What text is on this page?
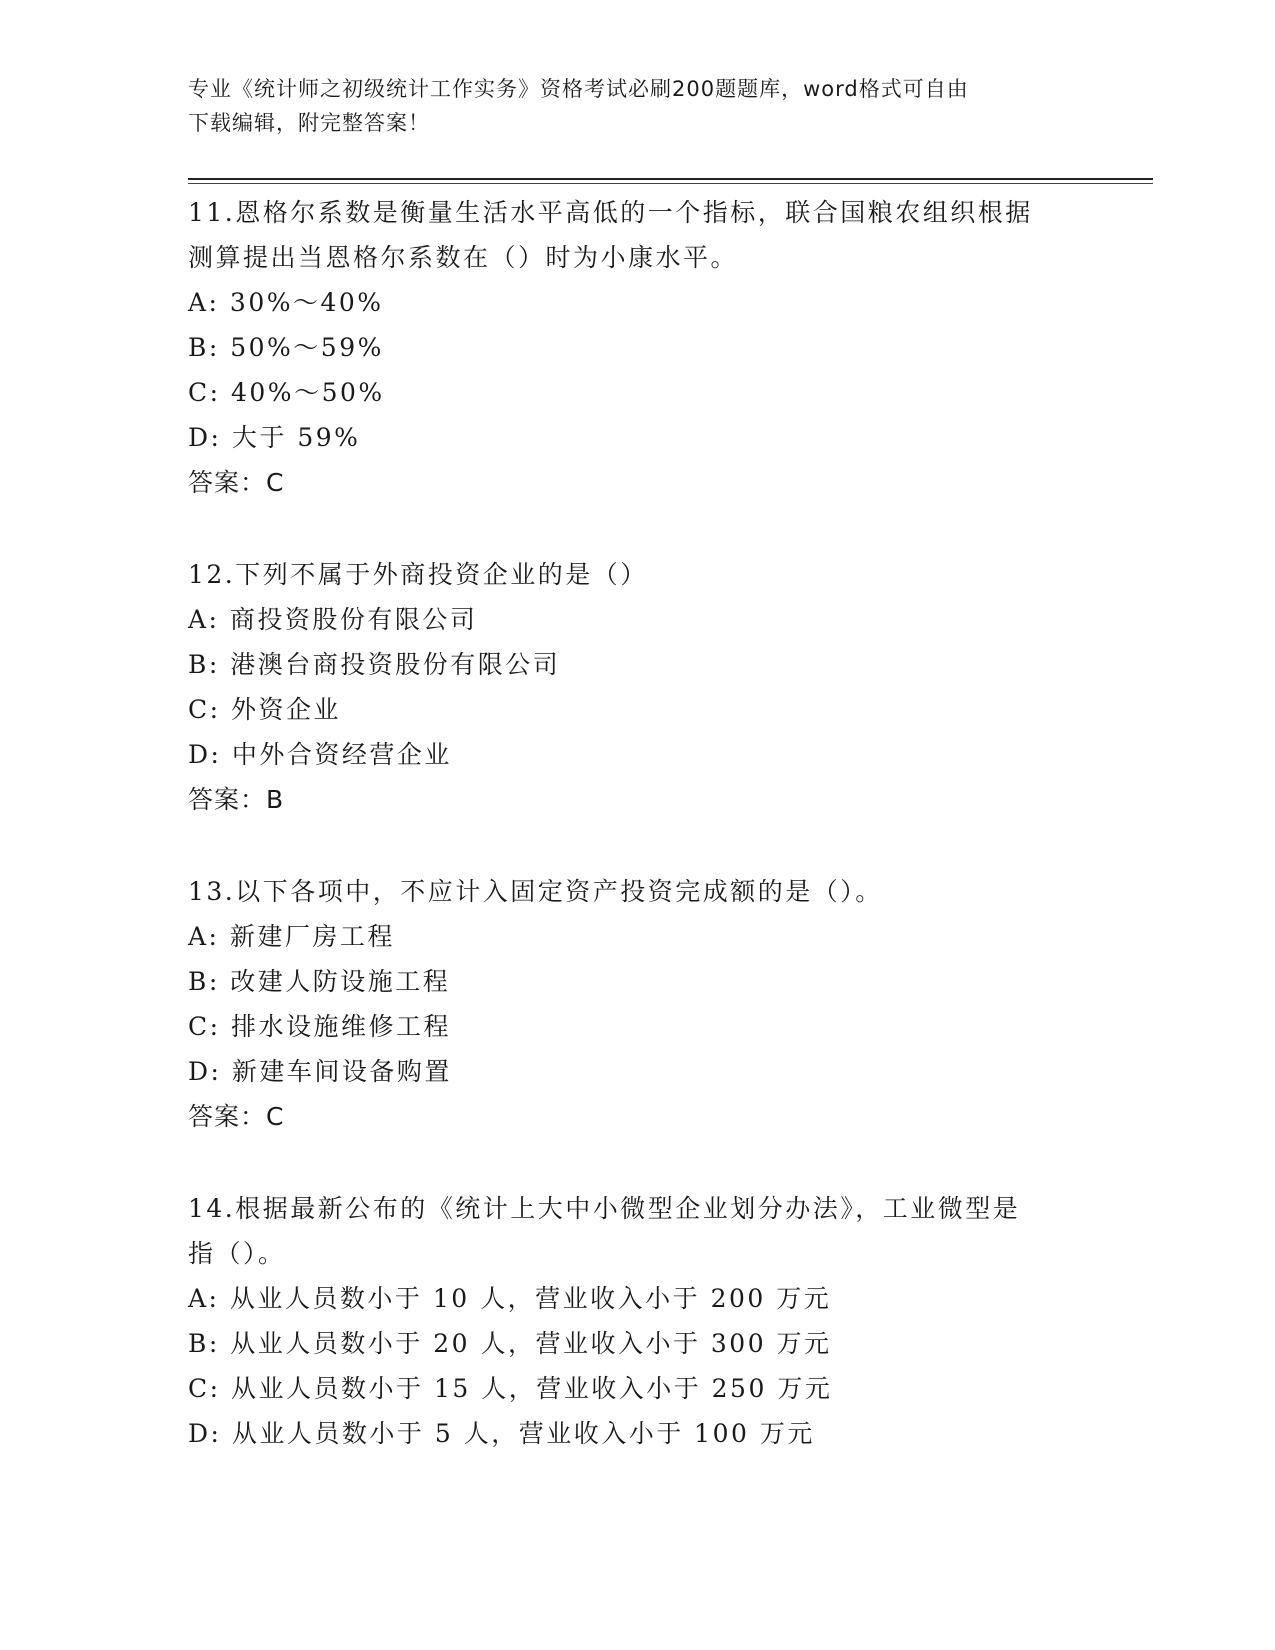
专业《统计师之初级统计工作实务》资格考试必刷200题题库，word格式可自由
下载编辑，附完整答案！
11.恩格尔系数是衡量生活水平高低的一个指标，联合国粮农组织根据
测算提出当恩格尔系数在（）时为小康水平。
A: 30%～40%
B: 50%～59%
C: 40%～50%
D: 大于 59%
答案：C
12.下列不属于外商投资企业的是（）
A: 商投资股份有限公司
B: 港澳台商投资股份有限公司
C: 外资企业
D: 中外合资经营企业
答案：B
13.以下各项中，不应计入固定资产投资完成额的是（）。
A: 新建厂房工程
B: 改建人防设施工程
C: 排水设施维修工程
D: 新建车间设备购置
答案：C
14.根据最新公布的《统计上大中小微型企业划分办法》，工业微型是
指（）。
A: 从业人员数小于 10 人，营业收入小于 200 万元
B: 从业人员数小于 20 人，营业收入小于 300 万元
C: 从业人员数小于 15 人，营业收入小于 250 万元
D: 从业人员数小于 5 人，营业收入小于 100 万元
